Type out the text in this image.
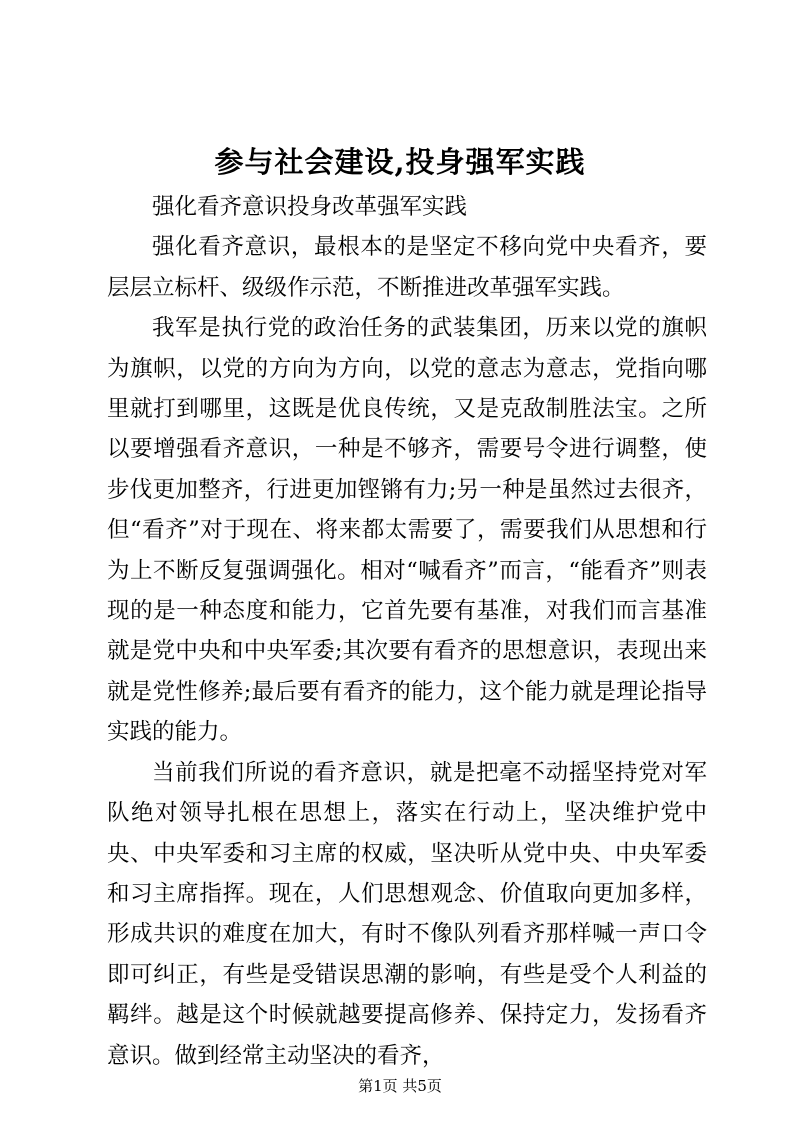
参与社会建设,投身强军实践

强化看齐意识投身改革强军实践

强化看齐意识，最根本的是坚定不移向党中央看齐，要层层立标杆、级级作示范，不断推进改革强军实践。

我军是执行党的政治任务的武装集团，历来以党的旗帜为旗帜，以党的方向为方向，以党的意志为意志，党指向哪里就打到哪里，这既是优良传统，又是克敌制胜法宝。之所以要增强看齐意识，一种是不够齐，需要号令进行调整，使步伐更加整齐，行进更加铿锵有力;另一种是虽然过去很齐，但“看齐”对于现在、将来都太需要了，需要我们从思想和行为上不断反复强调强化。相对“喊看齐”而言，“能看齐”则表现的是一种态度和能力，它首先要有基准，对我们而言基准就是党中央和中央军委;其次要有看齐的思想意识，表现出来就是党性修养;最后要有看齐的能力，这个能力就是理论指导实践的能力。

当前我们所说的看齐意识，就是把毫不动摇坚持党对军队绝对领导扎根在思想上，落实在行动上，坚决维护党中央、中央军委和习主席的权威，坚决听从党中央、中央军委和习主席指挥。现在，人们思想观念、价值取向更加多样，形成共识的难度在加大，有时不像队列看齐那样喊一声口令即可纠正，有些是受错误思潮的影响，有些是受个人利益的羁绊。越是这个时候就越要提高修养、保持定力，发扬看齐意识。做到经常主动坚决的看齐，

第1页 共5页
